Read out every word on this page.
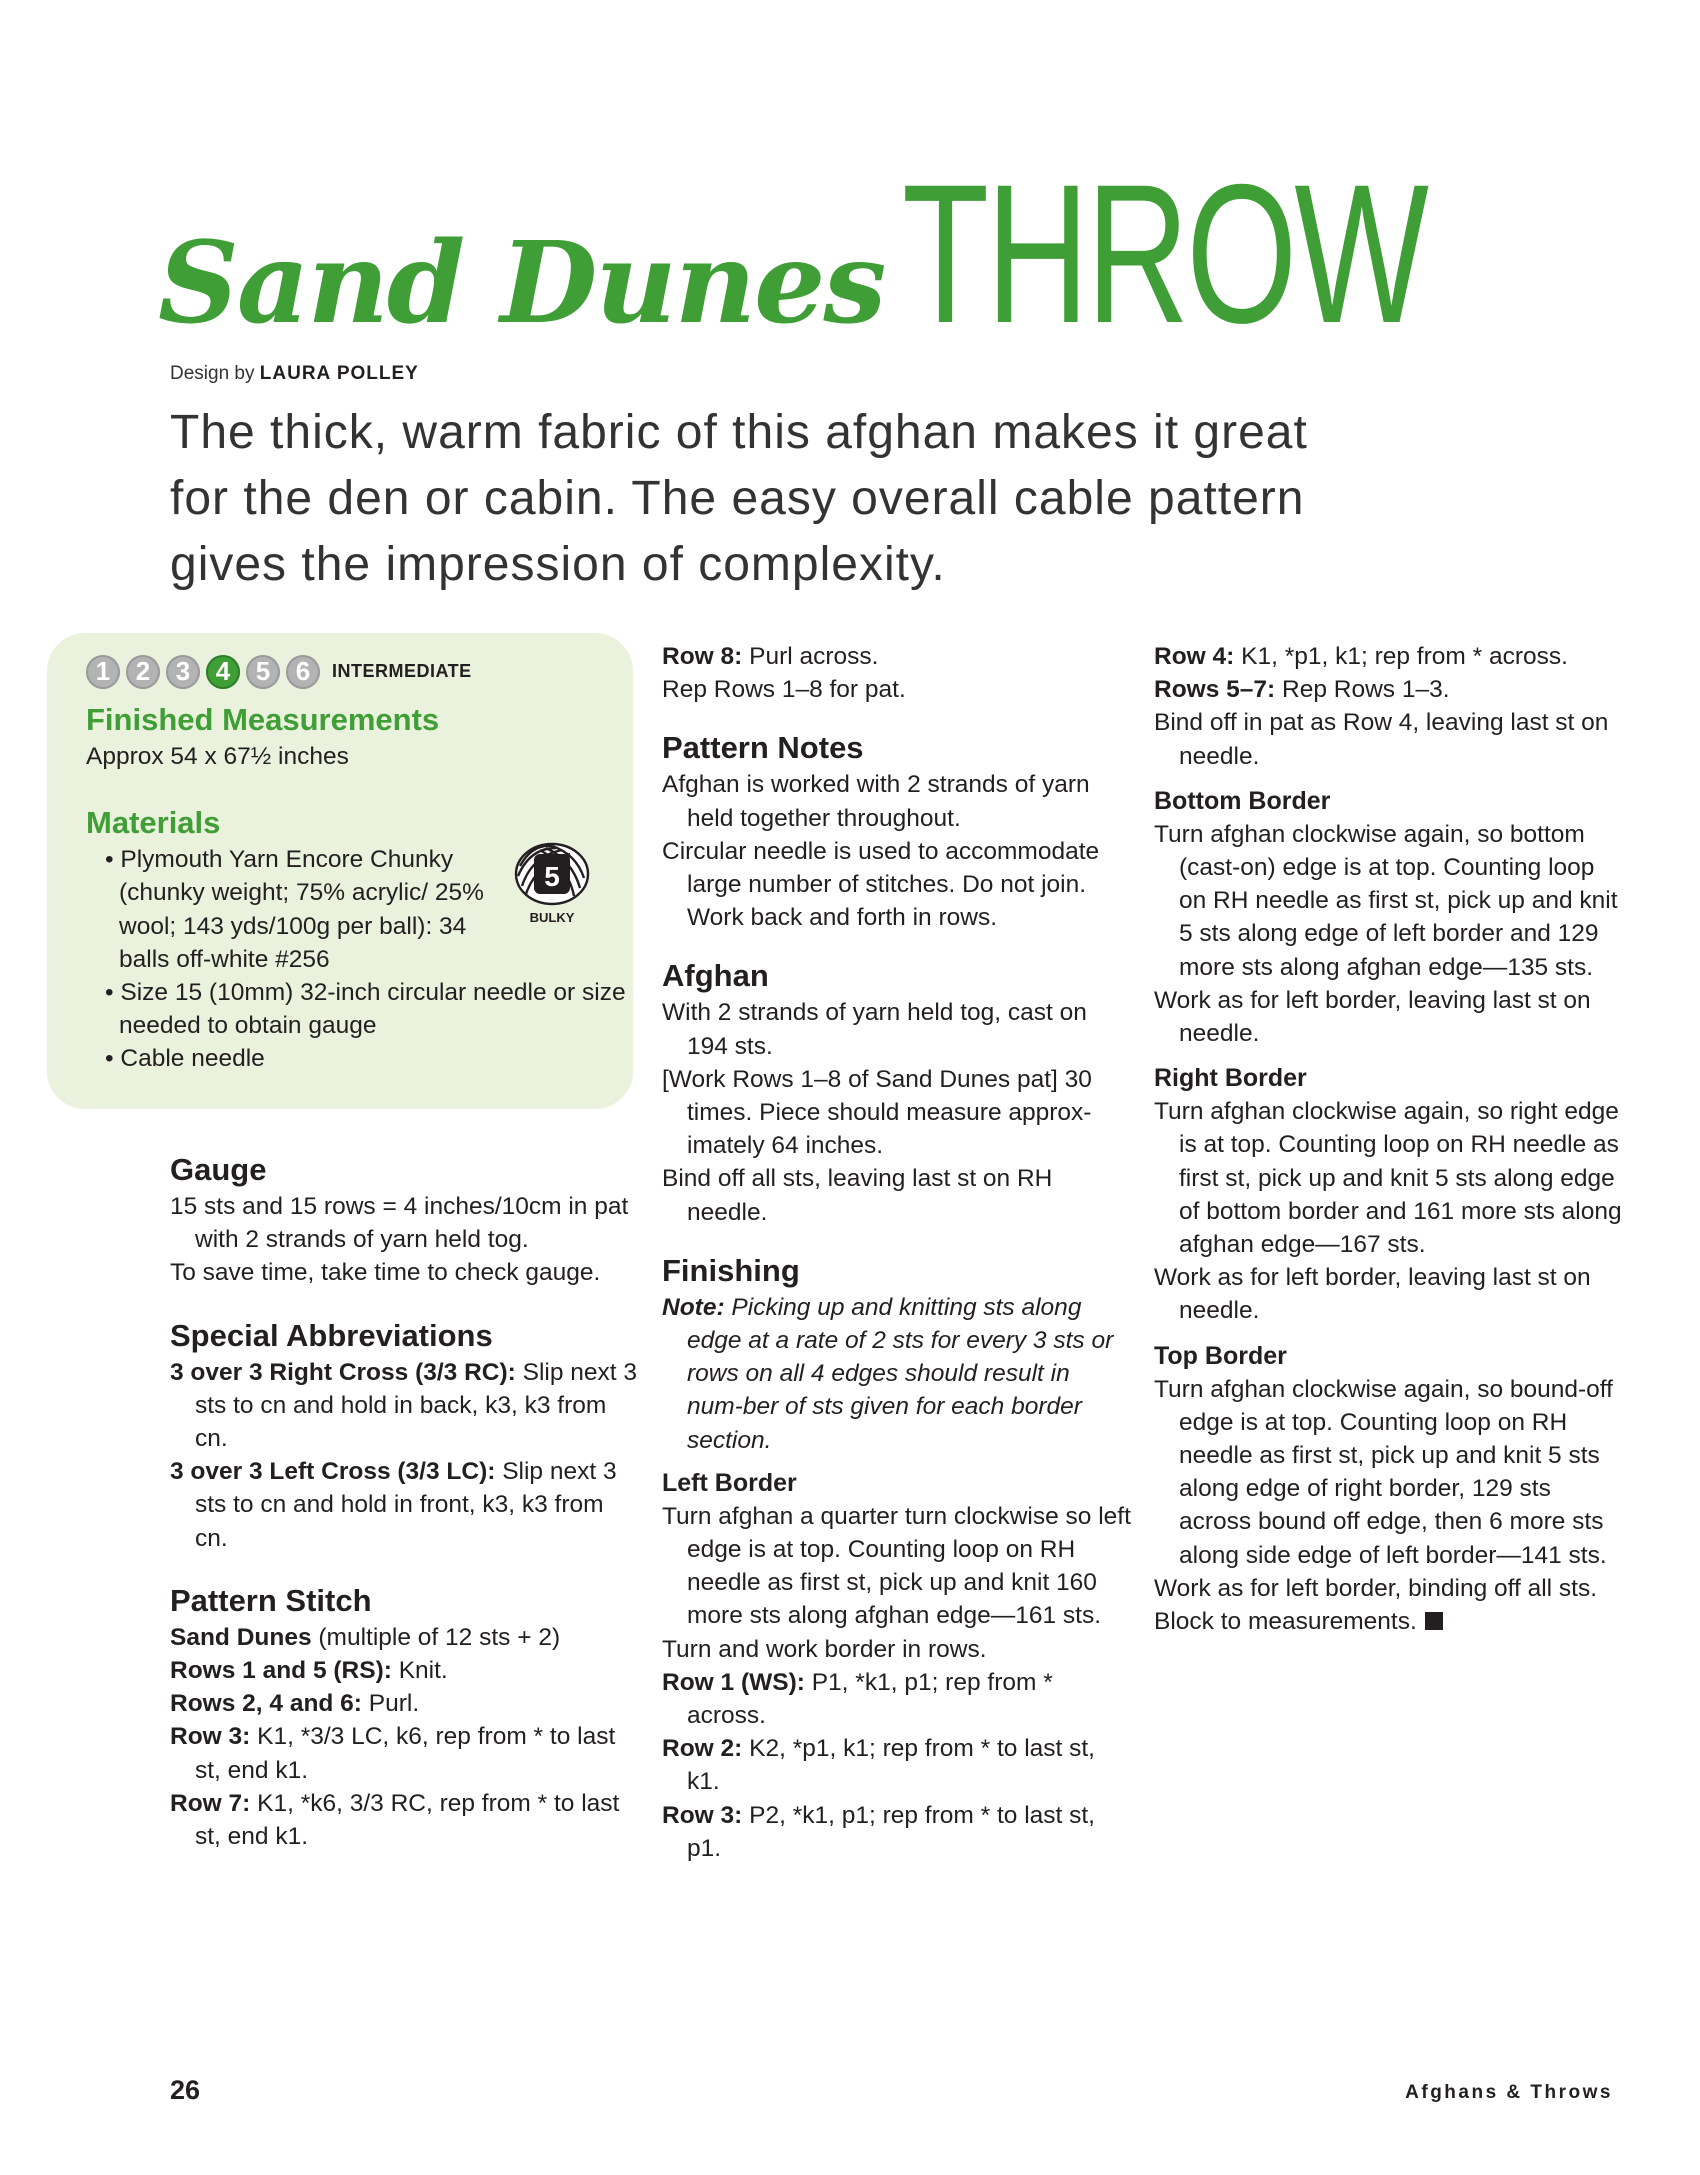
Sand DunesTHROW
Design by LAURA POLLEY
The thick, warm fabric of this afghan makes it great for the den or cabin. The easy overall cable pattern gives the impression of complexity.
1 2 3 4 5 6	INTERMEDIATE
Finished Measurements
Approx 54 x 67½ inches
Materials

• Plymouth Yarn Encore Chunky (chunky weight; 75% acrylic/ 25% wool; 143 yds/100g per ball): 34 balls off-white #256

• Size 15 (10mm) 32-inch circular needle or size needed to obtain gauge

• Cable needle

5
BULKY
Gauge

15 sts and 15 rows = 4 inches/10cm in pat with 2 strands of yarn held tog.

To save time, take time to check gauge.

Special Abbreviations

3 over 3 Right Cross (3/3 RC): Slip next 3 sts to cn and hold in back, k3, k3 from cn.

3 over 3 Left Cross (3/3 LC): Slip next 3 sts to cn and hold in front, k3, k3 from cn.

Pattern Stitch

Sand Dunes (multiple of 12 sts + 2)

Rows 1 and 5 (RS): Knit.

Rows 2, 4 and 6: Purl.

Row 3: K1, *3/3 LC, k6, rep from * to last st, end k1.

Row 7: K1, *k6, 3/3 RC, rep from * to last st, end k1.

Row 8: Purl across.

Rep Rows 1–8 for pat.

Pattern Notes

Afghan is worked with 2 strands of yarn held together throughout.

Circular needle is used to accommodate large number of stitches. Do not join. Work back and forth in rows.

Afghan

With 2 strands of yarn held tog, cast on 194 sts.

[Work Rows 1–8 of Sand Dunes pat] 30 times. Piece should measure approx-imately 64 inches.

Bind off all sts, leaving last st on RH needle.

Finishing

Note: Picking up and knitting sts along edge at a rate of 2 sts for every 3 sts or rows on all 4 edges should result in num-ber of sts given for each border section.

Left Border

Turn afghan a quarter turn clockwise so left edge is at top. Counting loop on RH needle as first st, pick up and knit 160 more sts along afghan edge—161 sts.

Turn and work border in rows.

Row 1 (WS): P1, *k1, p1; rep from * across.

Row 2: K2, *p1, k1; rep from * to last st, k1.

Row 3: P2, *k1, p1; rep from * to last st, p1.

Row 4: K1, *p1, k1; rep from * across.

Rows 5–7: Rep Rows 1–3.

Bind off in pat as Row 4, leaving last st on needle.

Bottom Border

Turn afghan clockwise again, so bottom (cast-on) edge is at top. Counting loop on RH needle as first st, pick up and knit 5 sts along edge of left border and 129 more sts along afghan edge—135 sts.

Work as for left border, leaving last st on needle.

Right Border

Turn afghan clockwise again, so right edge is at top. Counting loop on RH needle as first st, pick up and knit 5 sts along edge of bottom border and 161 more sts along afghan edge—167 sts.

Work as for left border, leaving last st on needle.

Top Border

Turn afghan clockwise again, so bound-off edge is at top. Counting loop on RH needle as first st, pick up and knit 5 sts along edge of right border, 129 sts across bound off edge, then 6 more sts along side edge of left border—141 sts.

Work as for left border, binding off all sts.

Block to measurements.

26	Afghans & Throws
